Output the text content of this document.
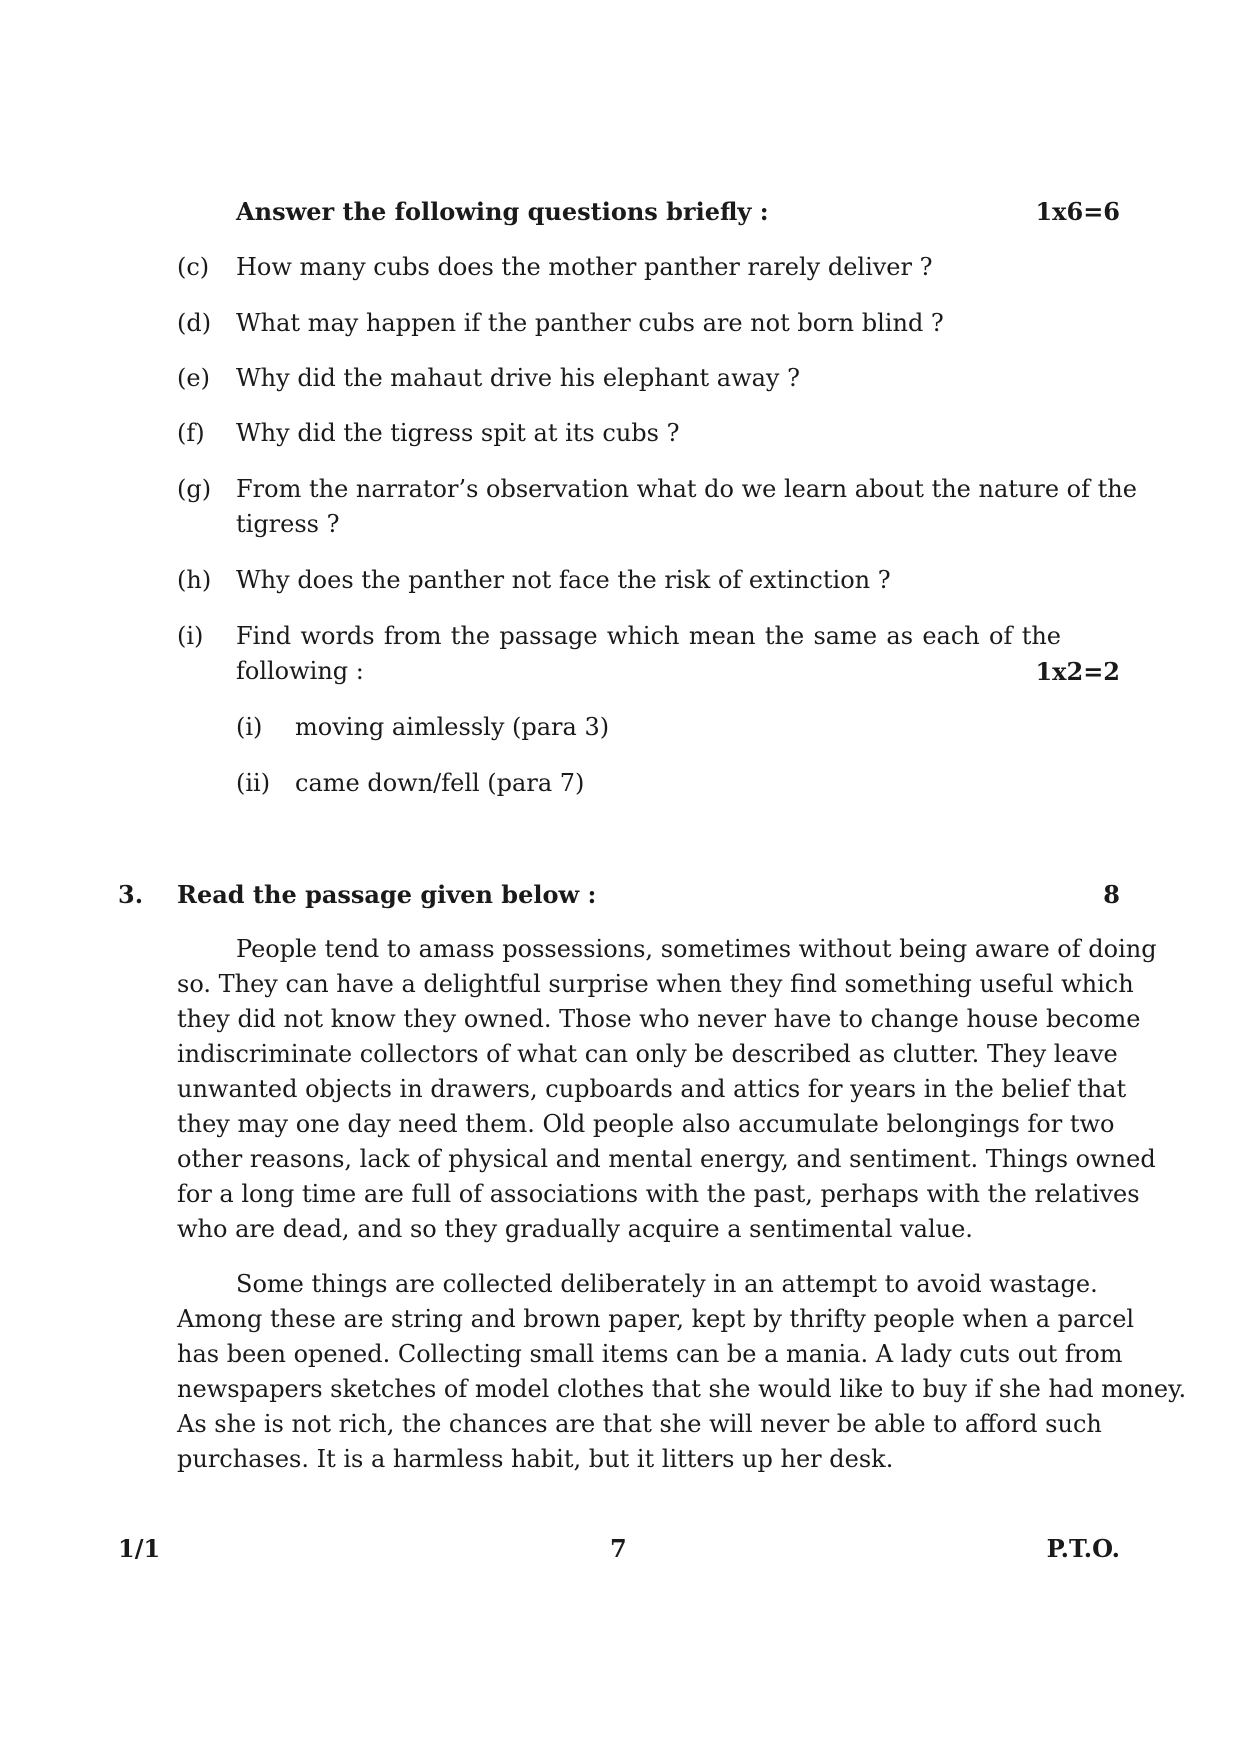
Answer the following questions briefly :	1x6=6
(c) How many cubs does the mother panther rarely deliver ?
(d) What may happen if the panther cubs are not born blind ?
(e) Why did the mahaut drive his elephant away ?
(f) Why did the tigress spit at its cubs ?
(g) From the narrator’s observation what do we learn about the nature of the
tigress ?
(h) Why does the panther not face the risk of extinction ?
(i) Find words from the passage which mean the same as each of the
following :	1x2=2
(i) moving aimlessly (para 3)
(ii) came down/fell (para 7)
3. Read the passage given below :	8
People tend to amass possessions, sometimes without being aware of doing
so. They can have a delightful surprise when they find something useful which
they did not know they owned. Those who never have to change house become
indiscriminate collectors of what can only be described as clutter. They leave
unwanted objects in drawers, cupboards and attics for years in the belief that
they may one day need them. Old people also accumulate belongings for two
other reasons, lack of physical and mental energy, and sentiment. Things owned
for a long time are full of associations with the past, perhaps with the relatives
who are dead, and so they gradually acquire a sentimental value.
Some things are collected deliberately in an attempt to avoid wastage.
Among these are string and brown paper, kept by thrifty people when a parcel
has been opened. Collecting small items can be a mania. A lady cuts out from
newspapers sketches of model clothes that she would like to buy if she had money.
As she is not rich, the chances are that she will never be able to afford such
purchases. It is a harmless habit, but it litters up her desk.
1/1	7	P.T.O.
